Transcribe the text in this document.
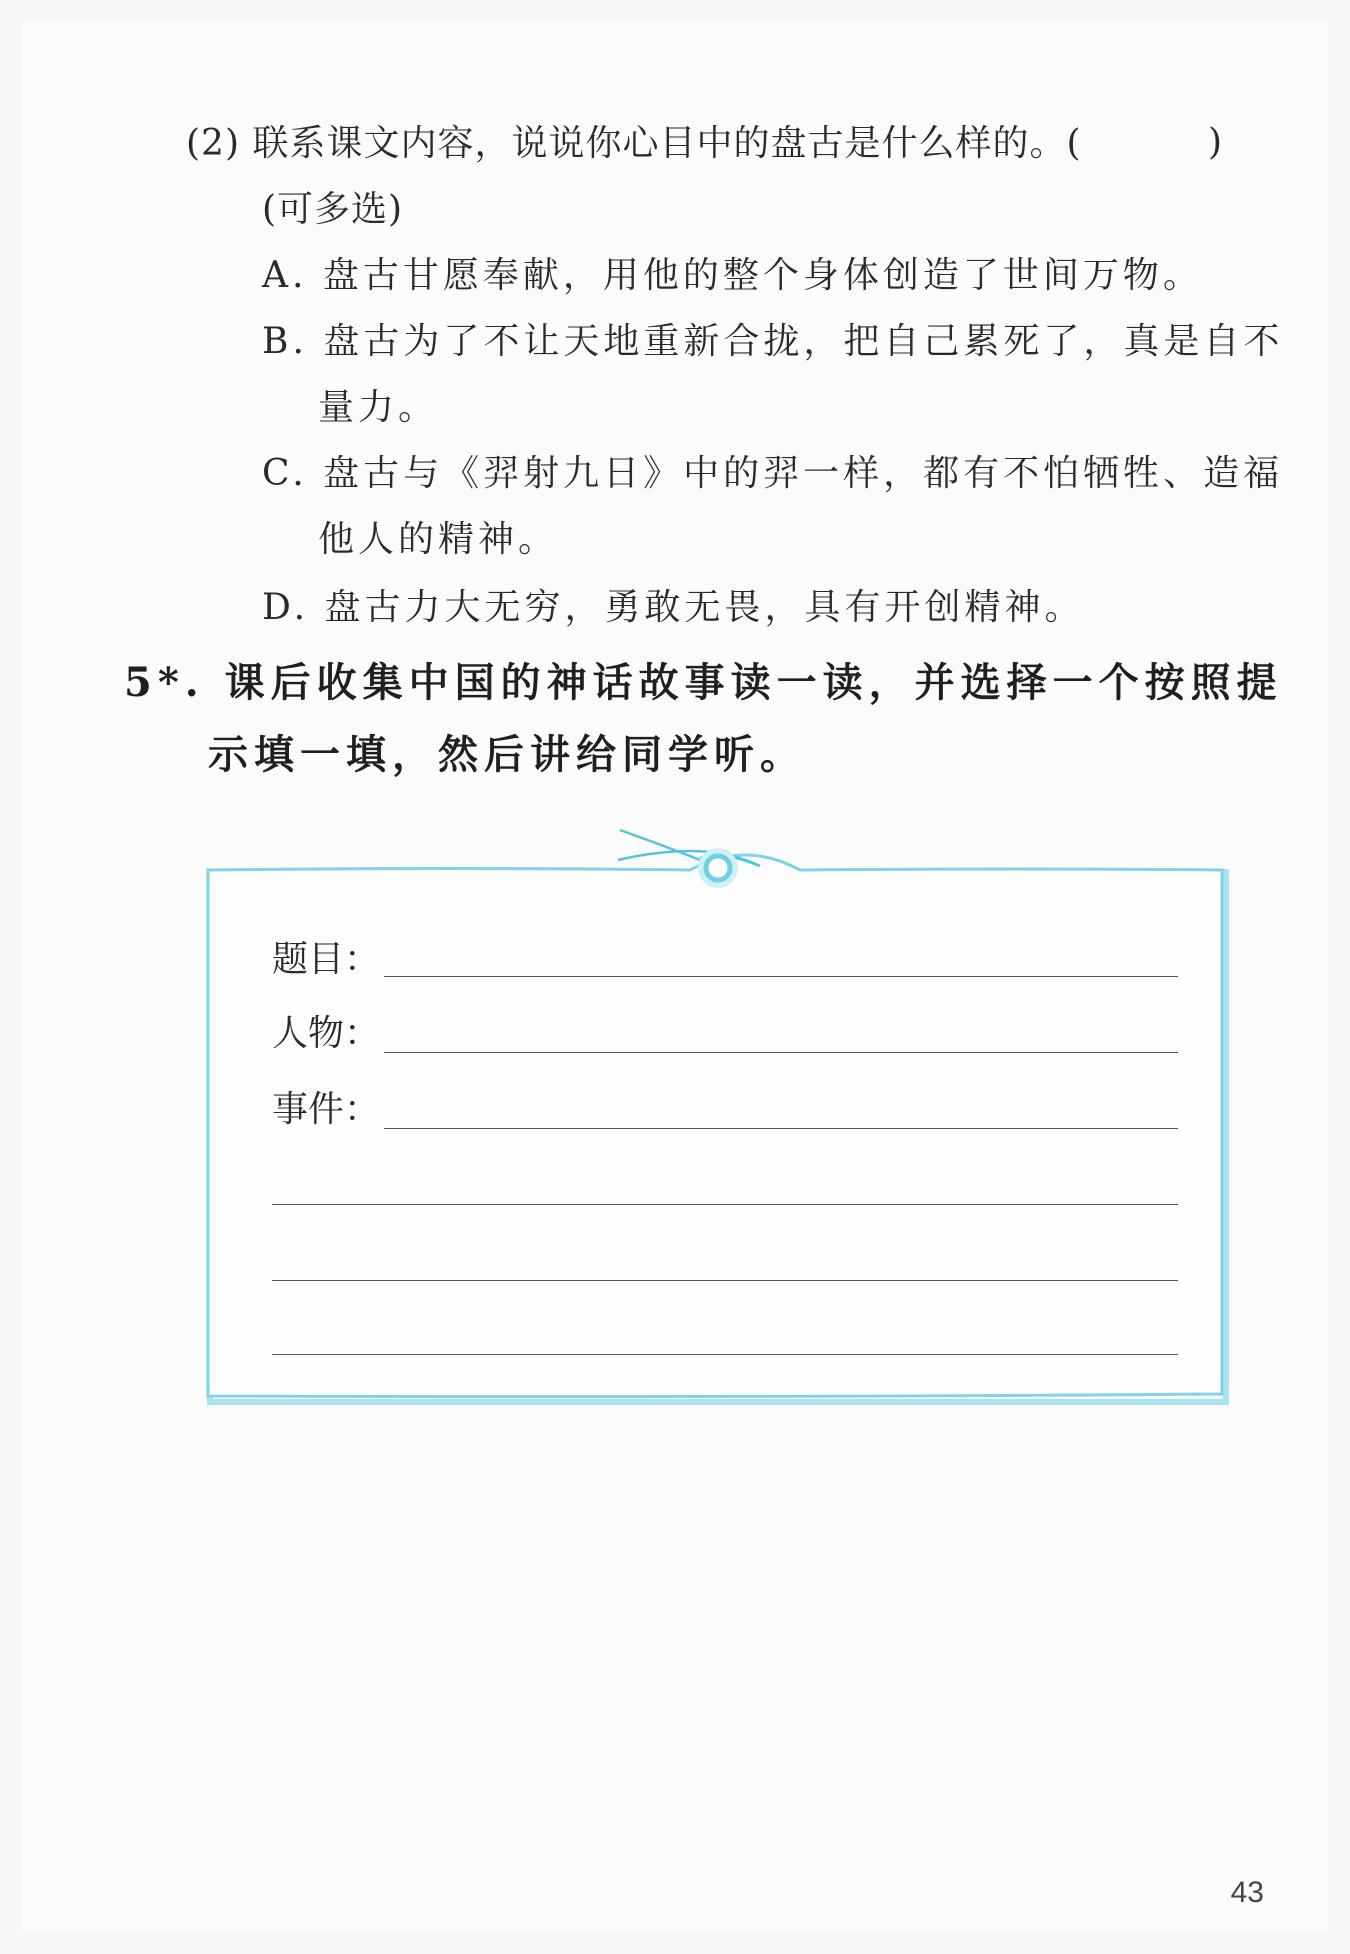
(2) 联系课文内容，说说你心目中的盘古是什么样的。(	)
(可多选)
A. 盘古甘愿奉献，用他的整个身体创造了世间万物。
B. 盘古为了不让天地重新合拢，把自己累死了，真是自不
量力。
C. 盘古与《羿射九日》中的羿一样，都有不怕牺牲、造福
他人的精神。
D. 盘古力大无穷，勇敢无畏，具有开创精神。
5*. 课后收集中国的神话故事读一读，并选择一个按照提
示填一填，然后讲给同学听。
题目：
人物：
事件：
43
